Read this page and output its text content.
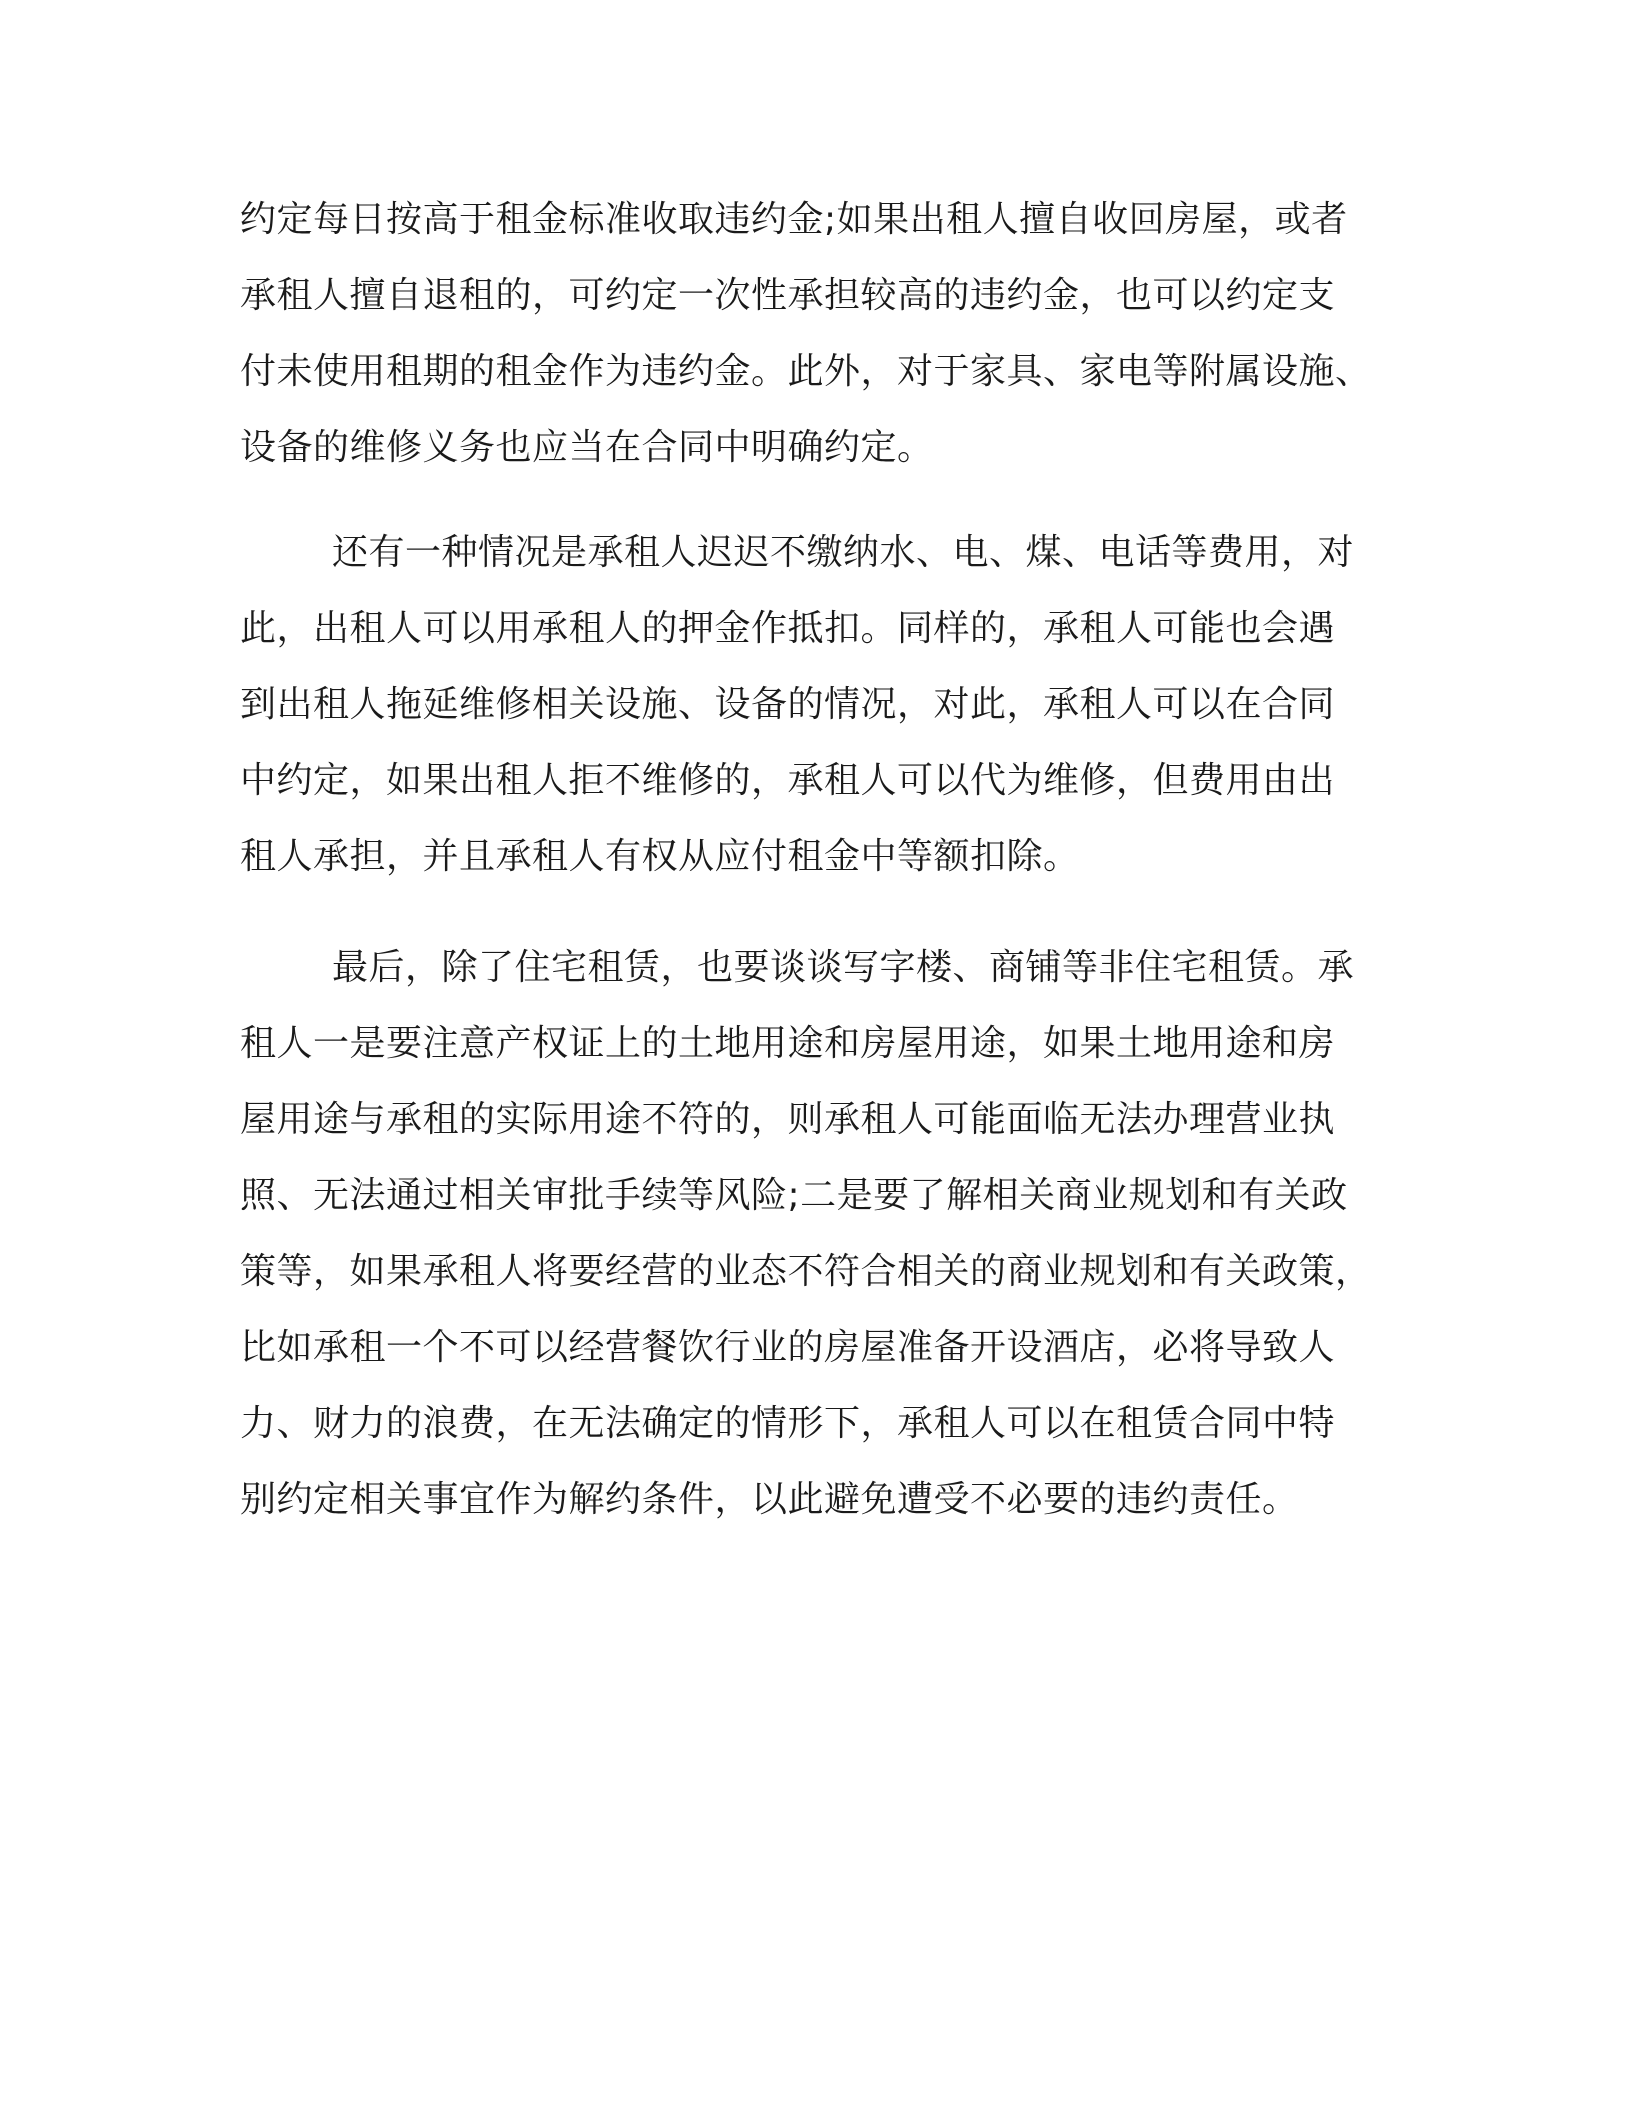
约定每日按高于租金标准收取违约金;如果出租人擅自收回房屋，或者
承租人擅自退租的，可约定一次性承担较高的违约金，也可以约定支
付未使用租期的租金作为违约金。此外，对于家具、家电等附属设施、
设备的维修义务也应当在合同中明确约定。
还有一种情况是承租人迟迟不缴纳水、电、煤、电话等费用，对
此，出租人可以用承租人的押金作抵扣。同样的，承租人可能也会遇
到出租人拖延维修相关设施、设备的情况，对此，承租人可以在合同
中约定，如果出租人拒不维修的，承租人可以代为维修，但费用由出
租人承担，并且承租人有权从应付租金中等额扣除。
最后，除了住宅租赁，也要谈谈写字楼、商铺等非住宅租赁。承
租人一是要注意产权证上的土地用途和房屋用途，如果土地用途和房
屋用途与承租的实际用途不符的，则承租人可能面临无法办理营业执
照、无法通过相关审批手续等风险;二是要了解相关商业规划和有关政
策等，如果承租人将要经营的业态不符合相关的商业规划和有关政策，
比如承租一个不可以经营餐饮行业的房屋准备开设酒店，必将导致人
力、财力的浪费，在无法确定的情形下，承租人可以在租赁合同中特
别约定相关事宜作为解约条件，以此避免遭受不必要的违约责任。
